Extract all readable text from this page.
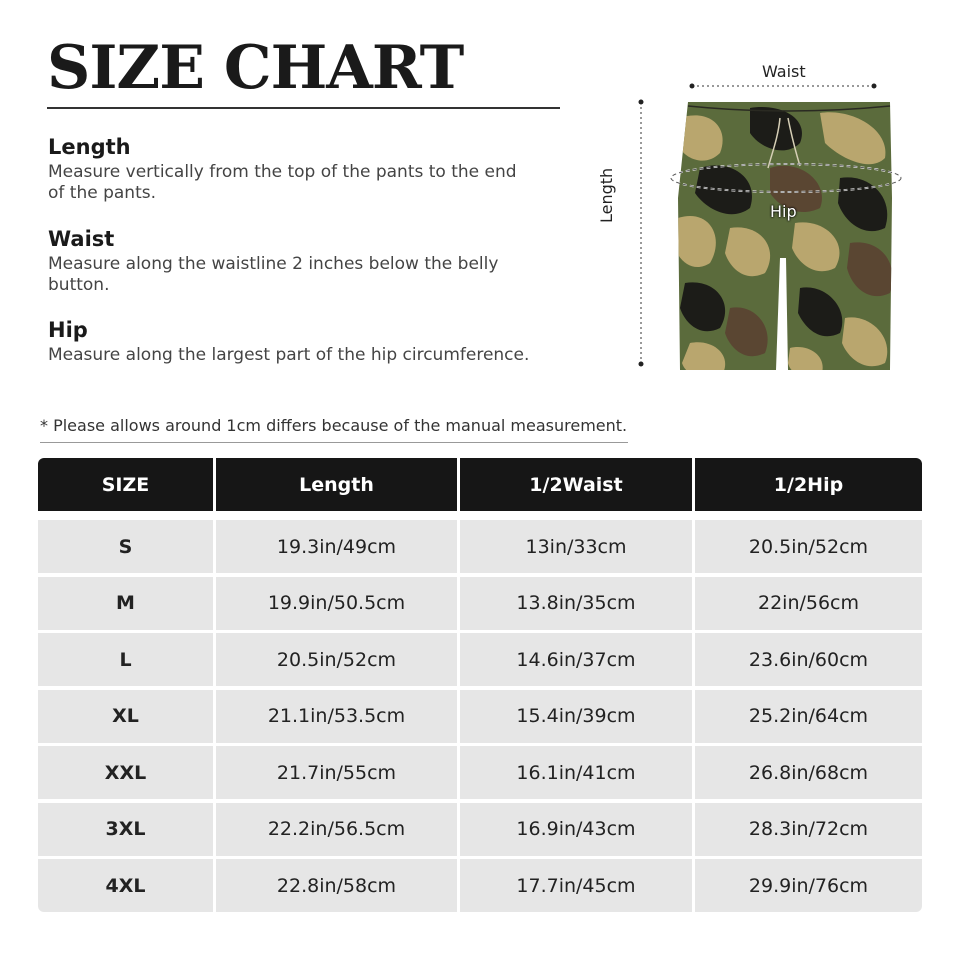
SIZE CHART

Length

Measure vertically from the top of the pants to the end of the pants.

Waist

Measure along the waistline 2 inches below the belly button.

Hip

Measure along the largest part of the hip circumference.

* Please allows around 1cm differs because of the manual measurement.
Waist
Hip
Length
SIZE	Length	1/2Waist	1/2Hip
S	19.3in/49cm	13in/33cm	20.5in/52cm
M	19.9in/50.5cm	13.8in/35cm	22in/56cm
L	20.5in/52cm	14.6in/37cm	23.6in/60cm
XL	21.1in/53.5cm	15.4in/39cm	25.2in/64cm
XXL	21.7in/55cm	16.1in/41cm	26.8in/68cm
3XL	22.2in/56.5cm	16.9in/43cm	28.3in/72cm
4XL	22.8in/58cm	17.7in/45cm	29.9in/76cm
